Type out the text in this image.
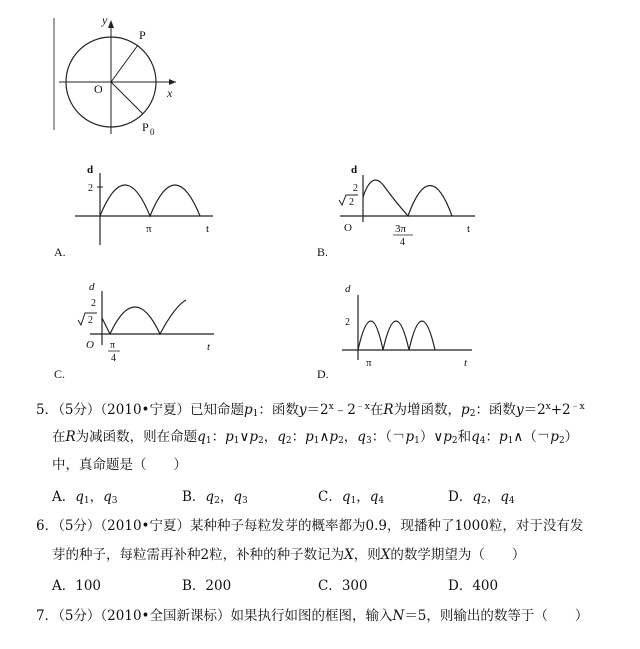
y
x
O
P
P 0
d
2
π	t
A.
d
2
2
O	3π
4
t
B.
d
2
2
O π
4
t
C.
d
2
π	t
D.
5．（5分）（2010•宁夏）已知命题$p_1$：函数$y=2^x﹣2^{﹣x}$在R为增函数，$p_2$：函数$y=2^x+2^{﹣x}$
在R为减函数，则在命题$q_1$：$p_1\vee p_2$，$q_2$：$p_1\wedge p_2$，$q_3$：（￢$p_1)\vee p_2$和$q_4$：$p_1\wedge$（￢$p_2$）
中，真命题是（　　）
A．$q_1$，$q_3$	B．$q_2$，$q_3$	C．$q_1$，$q_4$	D．$q_2$，$q_4$
6．（5分）（2010•宁夏）某种种子每粒发芽的概率都为0.9，现播种了1000粒，对于没有发
芽的种子，每粒需再补种2粒，补种的种子数记为X，则X的数学期望为（　　）
A．100	B．200	C．300	D．400
7．（5分）（2010•全国新课标）如果执行如图的框图，输入N＝5，则输出的数等于（　　）
